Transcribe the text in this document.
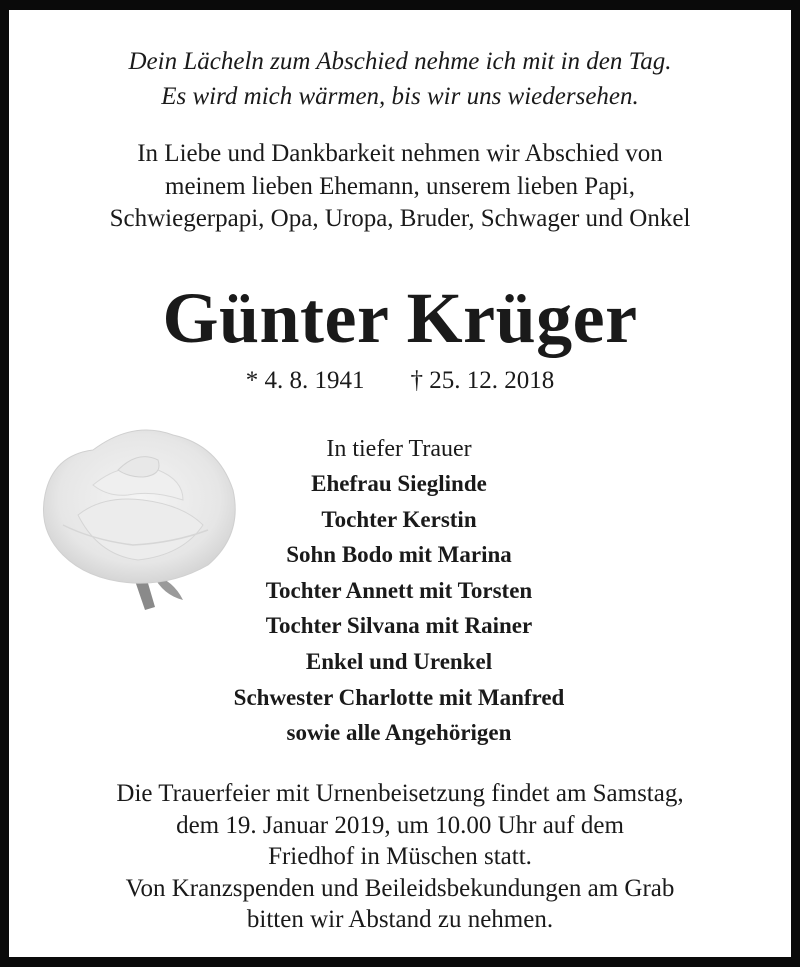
Dein Lächeln zum Abschied nehme ich mit in den Tag.
Es wird mich wärmen, bis wir uns wiedersehen.
In Liebe und Dankbarkeit nehmen wir Abschied von
meinem lieben Ehemann, unserem lieben Papi,
Schwiegerpapi, Opa, Uropa, Bruder, Schwager und Onkel
Günter Krüger
* 4. 8. 1941 † 25. 12. 2018
In tiefer Trauer
Ehefrau Sieglinde
Tochter Kerstin
Sohn Bodo mit Marina
Tochter Annett mit Torsten
Tochter Silvana mit Rainer
Enkel und Urenkel
Schwester Charlotte mit Manfred
sowie alle Angehörigen
Die Trauerfeier mit Urnenbeisetzung findet am Samstag,
dem 19. Januar 2019, um 10.00 Uhr auf dem
Friedhof in Müschen statt.
Von Kranzspenden und Beileidsbekundungen am Grab
bitten wir Abstand zu nehmen.
